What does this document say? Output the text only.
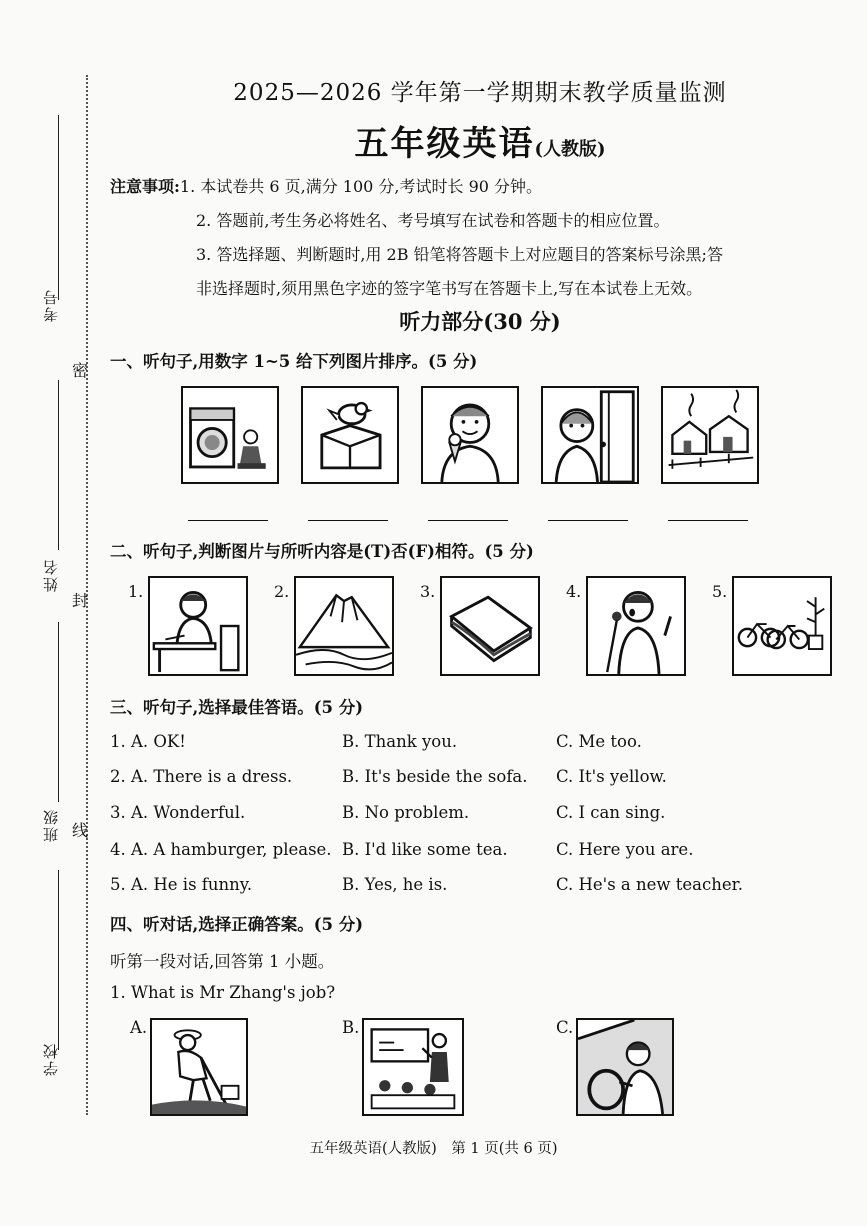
考号
姓名
班级
学校
密
封
线
2025—2026 学年第一学期期末教学质量监测
五年级英语(人教版)
注意事项:1. 本试卷共 6 页,满分 100 分,考试时长 90 分钟。
2. 答题前,考生务必将姓名、考号填写在试卷和答题卡的相应位置。
3. 答选择题、判断题时,用 2B 铅笔将答题卡上对应题目的答案标号涂黑;答
非选择题时,须用黑色字迹的签字笔书写在答题卡上,写在本试卷上无效。
听力部分(30 分)
一、听句子,用数字 1~5 给下列图片排序。(5 分)
二、听句子,判断图片与所听内容是(T)否(F)相符。(5 分)
1.	2.	3.	4.	5.
三、听句子,选择最佳答语。(5 分)
1. A. OK!	B. Thank you.	C. Me too.
2. A. There is a dress.	B. It's beside the sofa. C. It's yellow.
3. A. Wonderful.	B. No problem.	C. I can sing.
4. A. A hamburger, please. B. I'd like some tea.	C. Here you are.
5. A. He is funny.	B. Yes, he is.	C. He's a new teacher.
四、听对话,选择正确答案。(5 分)
听第一段对话,回答第 1 小题。
1. What is Mr Zhang's job?
A.	B.	C.
五年级英语(人教版)　第 1 页(共 6 页)
